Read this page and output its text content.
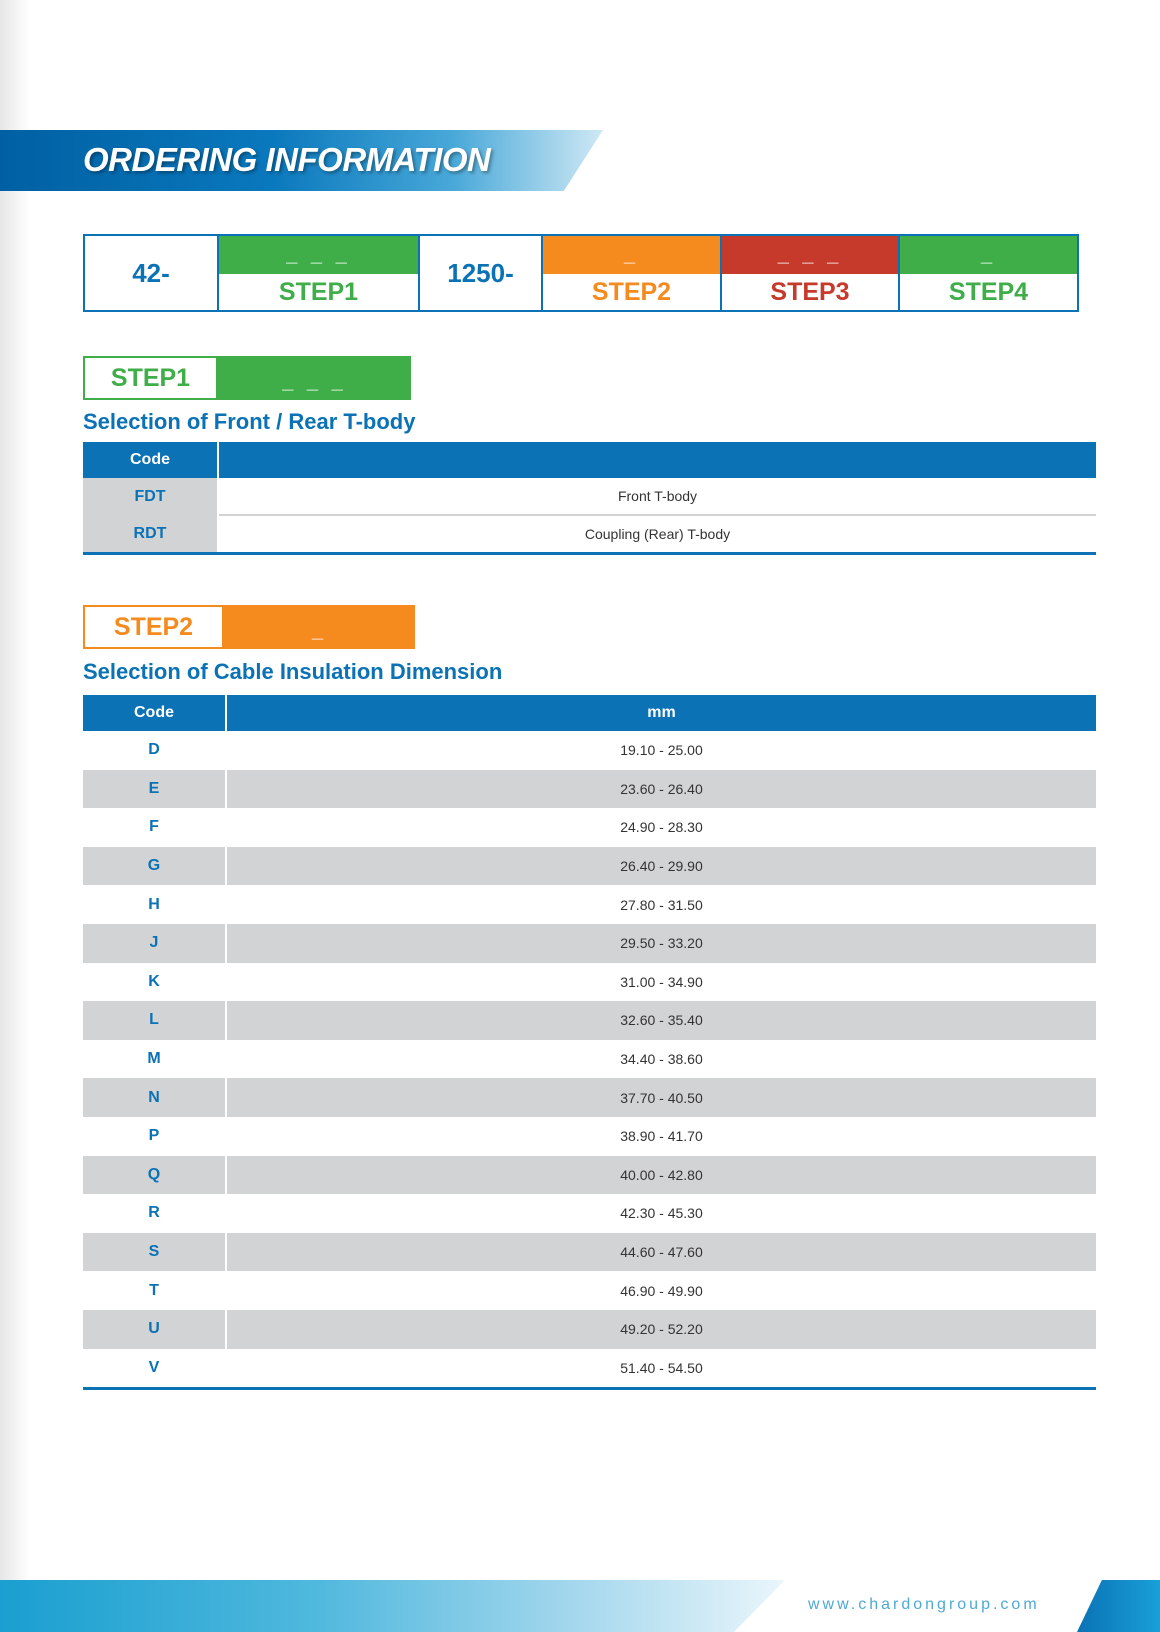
ORDERING INFORMATION
42-
_ _ _
STEP1
1250-
_
STEP2
_ _ _
STEP3
_
STEP4
STEP1	_ _ _
Selection of Front / Rear T-body
Code	
FDT	Front T-body
RDT	Coupling (Rear) T-body
STEP2	_
Selection of Cable Insulation Dimension
Code	mm
D	19.10 - 25.00
E	23.60 - 26.40
F	24.90 - 28.30
G	26.40 - 29.90
H	27.80 - 31.50
J	29.50 - 33.20
K	31.00 - 34.90
L	32.60 - 35.40
M	34.40 - 38.60
N	37.70 - 40.50
P	38.90 - 41.70
Q	40.00 - 42.80
R	42.30 - 45.30
S	44.60 - 47.60
T	46.90 - 49.90
U	49.20 - 52.20
V	51.40 - 54.50

www.chardongroup.com
